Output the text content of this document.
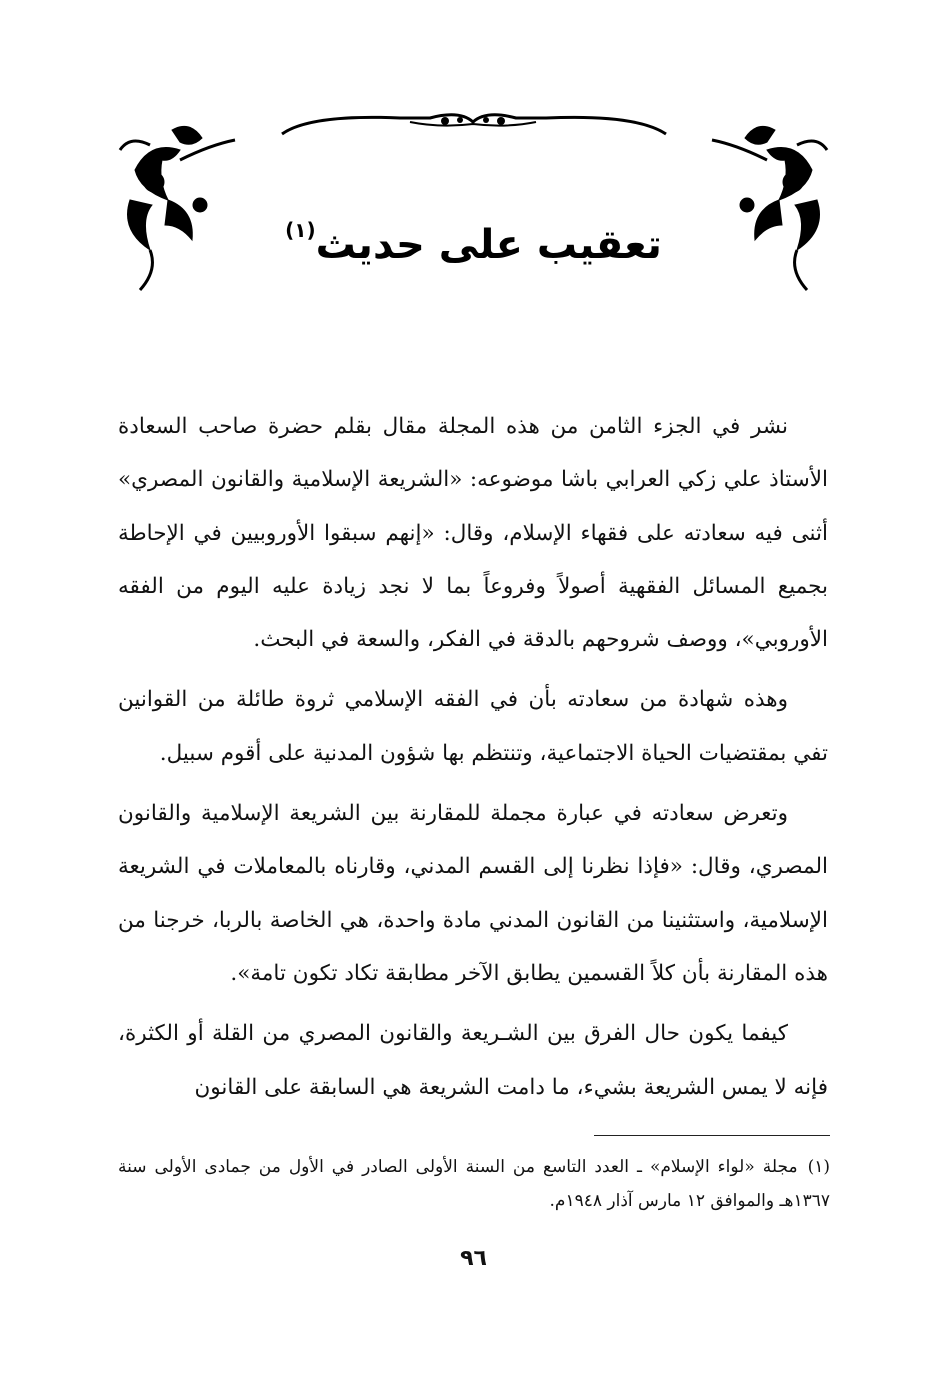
تعقيب على حديث$^{(١)}$

نشر في الجزء الثامن من هذه المجلة مقال بقلم حضرة صاحب السعادة الأستاذ علي زكي العرابي باشا موضوعه: «الشريعة الإسلامية والقانون المصري» أثنى فيه سعادته على فقهاء الإسلام، وقال: «إنهم سبقوا الأوروبيين في الإحاطة بجميع المسائل الفقهية أصولاً وفروعاً بما لا نجد زيادة عليه اليوم من الفقه الأوروبي»، ووصف شروحهم بالدقة في الفكر، والسعة في البحث.

وهذه شهادة من سعادته بأن في الفقه الإسلامي ثروة طائلة من القوانين تفي بمقتضيات الحياة الاجتماعية، وتنتظم بها شؤون المدنية على أقوم سبيل.

وتعرض سعادته في عبارة مجملة للمقارنة بين الشريعة الإسلامية والقانون المصري، وقال: «فإذا نظرنا إلى القسم المدني، وقارناه بالمعاملات في الشريعة الإسلامية، واستثنينا من القانون المدني مادة واحدة، هي الخاصة بالربا، خرجنا من هذه المقارنة بأن كلاً القسمين يطابق الآخر مطابقة تكاد تكون تامة».

كيفما يكون حال الفرق بين الشـريعة والقانون المصري من القلة أو الكثرة، فإنه لا يمس الشريعة بشيء، ما دامت الشريعة هي السابقة على القانون

(١)مجلة «لواء الإسلام» ـ العدد التاسع من السنة الأولى الصادر في الأول من جمادى الأولى سنة ١٣٦٧هـ والموافق ١٢ مارس آذار ١٩٤٨م.
٩٦
